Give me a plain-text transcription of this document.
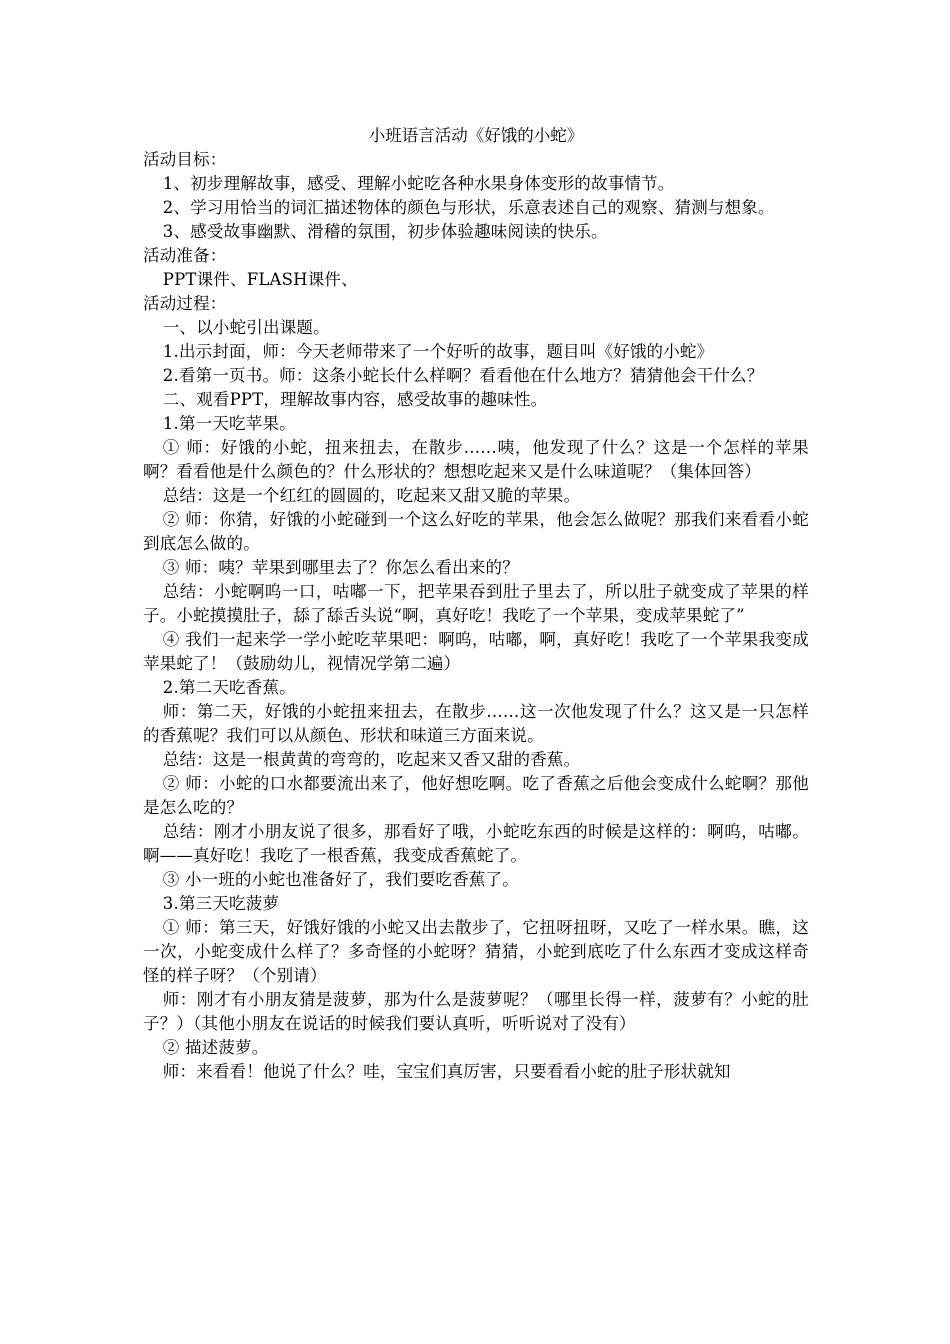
小班语言活动《好饿的小蛇》
活动目标：
1、初步理解故事，感受、理解小蛇吃各种水果身体变形的故事情节。
2、学习用恰当的词汇描述物体的颜色与形状，乐意表述自己的观察、猜测与想象。
3、感受故事幽默、滑稽的氛围，初步体验趣味阅读的快乐。
活动准备：
PPT课件、FLASH课件、
活动过程：
一、以小蛇引出课题。
1.出示封面，师：今天老师带来了一个好听的故事，题目叫《好饿的小蛇》
2.看第一页书。师：这条小蛇长什么样啊？看看他在什么地方？猜猜他会干什么？
二、观看PPT，理解故事内容，感受故事的趣味性。
1.第一天吃苹果。
① 师：好饿的小蛇，扭来扭去，在散步……咦，他发现了什么？这是一个怎样的苹果啊？看看他是什么颜色的？什么形状的？想想吃起来又是什么味道呢？（集体回答）
总结：这是一个红红的圆圆的，吃起来又甜又脆的苹果。
② 师：你猜，好饿的小蛇碰到一个这么好吃的苹果，他会怎么做呢？那我们来看看小蛇到底怎么做的。
③ 师：咦？苹果到哪里去了？你怎么看出来的？
总结：小蛇啊呜一口，咕嘟一下，把苹果吞到肚子里去了，所以肚子就变成了苹果的样子。小蛇摸摸肚子，舔了舔舌头说“啊，真好吃！我吃了一个苹果，变成苹果蛇了”
④ 我们一起来学一学小蛇吃苹果吧：啊呜，咕嘟，啊，真好吃！我吃了一个苹果我变成苹果蛇了！（鼓励幼儿，视情况学第二遍）
2.第二天吃香蕉。
师：第二天，好饿的小蛇扭来扭去，在散步……这一次他发现了什么？这又是一只怎样的香蕉呢？我们可以从颜色、形状和味道三方面来说。
总结：这是一根黄黄的弯弯的，吃起来又香又甜的香蕉。
② 师：小蛇的口水都要流出来了，他好想吃啊。吃了香蕉之后他会变成什么蛇啊？那他是怎么吃的？
总结：刚才小朋友说了很多，那看好了哦，小蛇吃东西的时候是这样的：啊呜，咕嘟。啊——真好吃！我吃了一根香蕉，我变成香蕉蛇了。
③ 小一班的小蛇也准备好了，我们要吃香蕉了。
3.第三天吃菠萝
① 师：第三天，好饿好饿的小蛇又出去散步了，它扭呀扭呀，又吃了一样水果。瞧，这一次，小蛇变成什么样了？多奇怪的小蛇呀？猜猜，小蛇到底吃了什么东西才变成这样奇怪的样子呀？（个别请）
师：刚才有小朋友猜是菠萝，那为什么是菠萝呢？（哪里长得一样，菠萝有？小蛇的肚子？）（其他小朋友在说话的时候我们要认真听，听听说对了没有）
② 描述菠萝。
师：来看看！他说了什么？哇，宝宝们真厉害，只要看看小蛇的肚子形状就知
